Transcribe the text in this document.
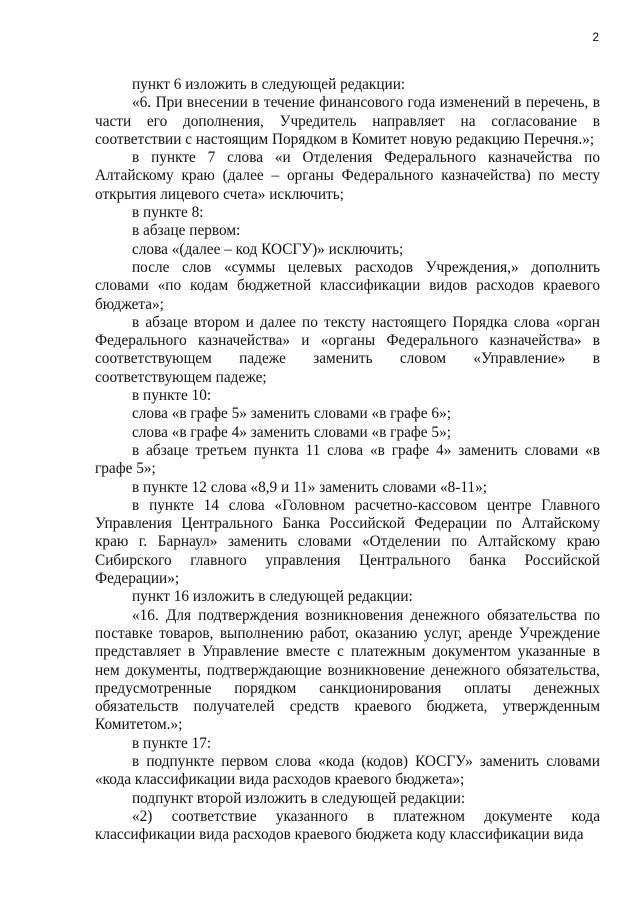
2

пункт 6 изложить в следующей редакции:

«6. При внесении в течение финансового года изменений в перечень, в части его дополнения, Учредитель направляет на согласование в соответствии с настоящим Порядком в Комитет новую редакцию Перечня.»;

в пункте 7 слова «и Отделения Федерального казначейства по Алтайскому краю (далее – органы Федерального казначейства) по месту открытия лицевого счета» исключить;

в пункте 8:

в абзаце первом:

слова «(далее – код КОСГУ)» исключить;

после слов «суммы целевых расходов Учреждения,» дополнить словами «по кодам бюджетной классификации видов расходов краевого бюджета»;

в абзаце втором и далее по тексту настоящего Порядка слова «орган Федерального казначейства» и «органы Федерального казначейства» в соответствующем падеже заменить словом «Управление» в соответствующем падеже;

в пункте 10:

слова «в графе 5» заменить словами «в графе 6»;

слова «в графе 4» заменить словами «в графе 5»;

в абзаце третьем пункта 11 слова «в графе 4» заменить словами «в графе 5»;

в пункте 12 слова «8,9 и 11» заменить словами «8-11»;

в пункте 14 слова «Головном расчетно-кассовом центре Главного Управления Центрального Банка Российской Федерации по Алтайскому краю г. Барнаул» заменить словами «Отделении по Алтайскому краю Сибирского главного управления Центрального банка Российской Федерации»;

пункт 16 изложить в следующей редакции:

«16. Для подтверждения возникновения денежного обязательства по поставке товаров, выполнению работ, оказанию услуг, аренде Учреждение представляет в Управление вместе с платежным документом указанные в нем документы, подтверждающие возникновение денежного обязательства, предусмотренные порядком санкционирования оплаты денежных обязательств получателей средств краевого бюджета, утвержденным Комитетом.»;

в пункте 17:

в подпункте первом слова «кода (кодов) КОСГУ» заменить словами «кода классификации вида расходов краевого бюджета»;

подпункт второй изложить в следующей редакции:

«2) соответствие указанного в платежном документе кода классификации вида расходов краевого бюджета коду классификации вида
